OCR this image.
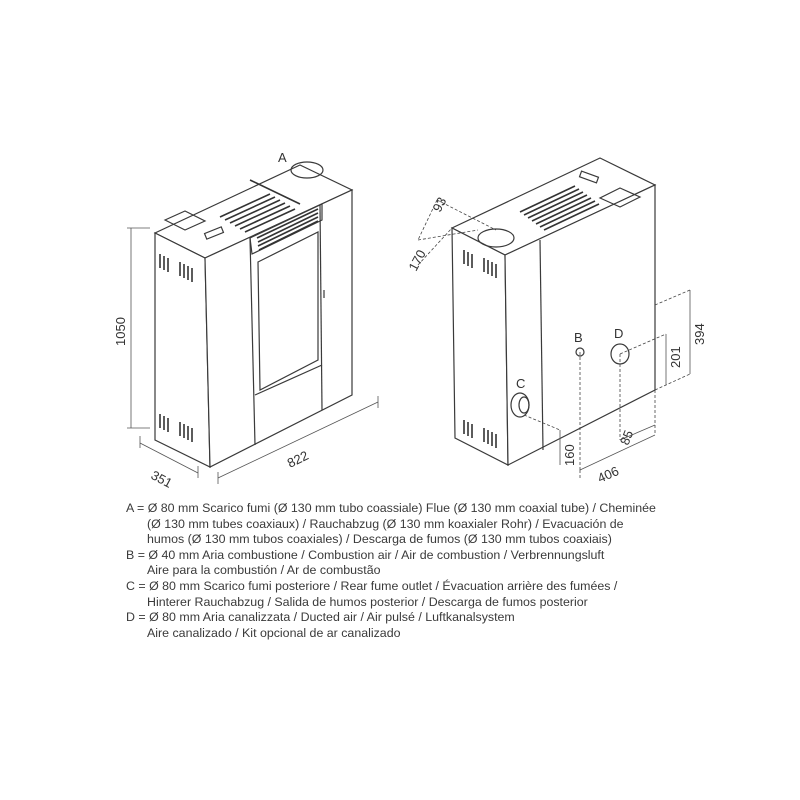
A
1050
351
822
C
B D
93
170
394
201
85
406
160
A = Ø 80 mm Scarico fumi (Ø 130 mm tubo coassiale) Flue (Ø 130 mm coaxial tube) / Cheminée
(Ø 130 mm tubes coaxiaux) / Rauchabzug (Ø 130 mm koaxialer Rohr) / Evacuación de
humos (Ø 130 mm tubos coaxiales) / Descarga de fumos (Ø 130 mm tubos coaxiais)
B = Ø 40 mm Aria combustione / Combustion air / Air de combustion / Verbrennungsluft
Aire para la combustión / Ar de combustão
C = Ø 80 mm Scarico fumi posteriore / Rear fume outlet / Évacuation arrière des fumées /
Hinterer Rauchabzug / Salida de humos posterior / Descarga de fumos posterior
D = Ø 80 mm Aria canalizzata / Ducted air / Air pulsé / Luftkanalsystem
Aire canalizado / Kit opcional de ar canalizado
